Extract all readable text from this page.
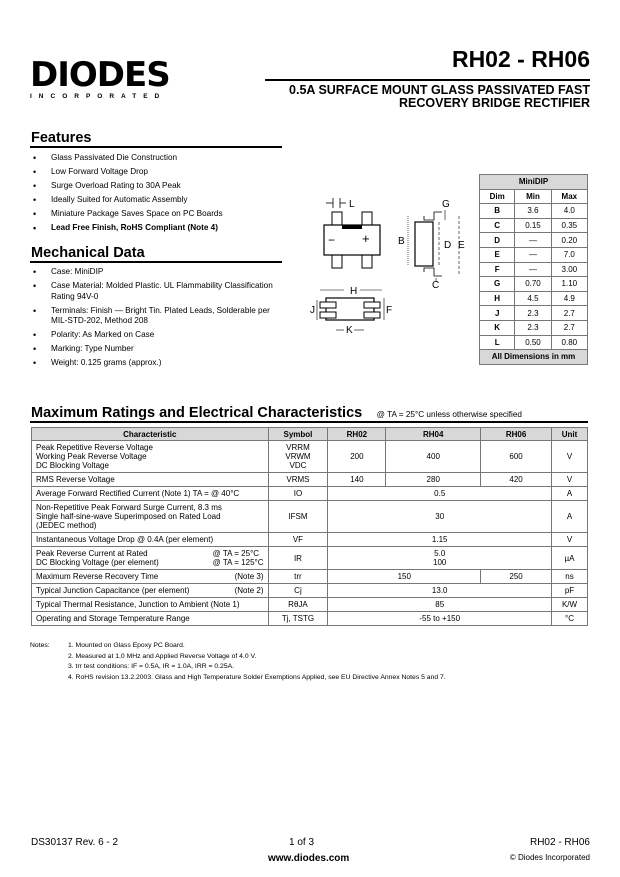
DIODES
INCORPORATED
RH02 - RH06
0.5A SURFACE MOUNT GLASS PASSIVATED FAST
RECOVERY BRIDGE RECTIFIER
Features
• Glass Passivated Die Construction
• Low Forward Voltage Drop
• Surge Overload Rating to 30A Peak
• Ideally Suited for Automatic Assembly
• Miniature Package Saves Space on PC Boards
• Lead Free Finish, RoHS Compliant (Note 4)
Mechanical Data
• Case: MiniDIP
• Case Material: Molded Plastic. UL Flammability Classification Rating 94V-0
• Terminals: Finish — Bright Tin. Plated Leads, Solderable per MIL-STD-202, Method 208
• Polarity: As Marked on Case
• Marking: Type Number
• Weight: 0.125 grams (approx.)
L
− +	B
G
D E
C
H
J	F
K
MiniDIP		
Dim	Min	Max
B	3.6	4.0
C	0.15	0.35
D	—	0.20
E	—	7.0
F	—	3.00
G	0.70	1.10
H	4.5	4.9
J	2.3	2.7
K	2.3	2.7
L	0.50	0.80
All Dimensions in mm		
Maximum Ratings and Electrical Characteristics @ TA = 25°C unless otherwise specified
Characteristic	Symbol	RH02	RH04	RH06	Unit
Peak Repetitive Reverse Voltage
Working Peak Reverse Voltage
DC Blocking Voltage	VRRM
VRWM
VDC	200	400	600	V
RMS Reverse Voltage	VRMS	140	280	420	V
Average Forward Rectified Current (Note 1) TA = @ 40°C	IO	0.5			A
Non-Repetitive Peak Forward Surge Current, 8.3 ms
Single half-sine-wave Superimposed on Rated Load
(JEDEC method)	IFSM	30			A
Instantaneous Voltage Drop @ 0.4A (per element)	VF	1.15			V

Peak Reverse Current at Rated
DC Blocking Voltage (per element)
@ TA = 25°C
@ TA = 125°C	IR	5.0
100			µA

Maximum Reverse Recovery Time (Note 3)	trr	150		250	ns

Typical Junction Capacitance (per element) (Note 2)	Cj	13.0			pF
Typical Thermal Resistance, Junction to Ambient (Note 1)	RθJA	85			K/W
Operating and Storage Temperature Range	Tj, TSTG	-55 to +150			°C
Notes:	1. Mounted on Glass Epoxy PC Board.
2. Measured at 1.0 MHz and Applied Reverse Voltage of 4.0 V.
3. trr test conditions: IF = 0.5A, IR = 1.0A, IRR = 0.25A.
4. RoHS revision 13.2.2003. Glass and High Temperature Solder Exemptions Applied, see EU Directive Annex Notes 5 and 7.
DS30137 Rev. 6 - 2	1 of 3
www.diodes.com
RH02 - RH06
© Diodes Incorporated
